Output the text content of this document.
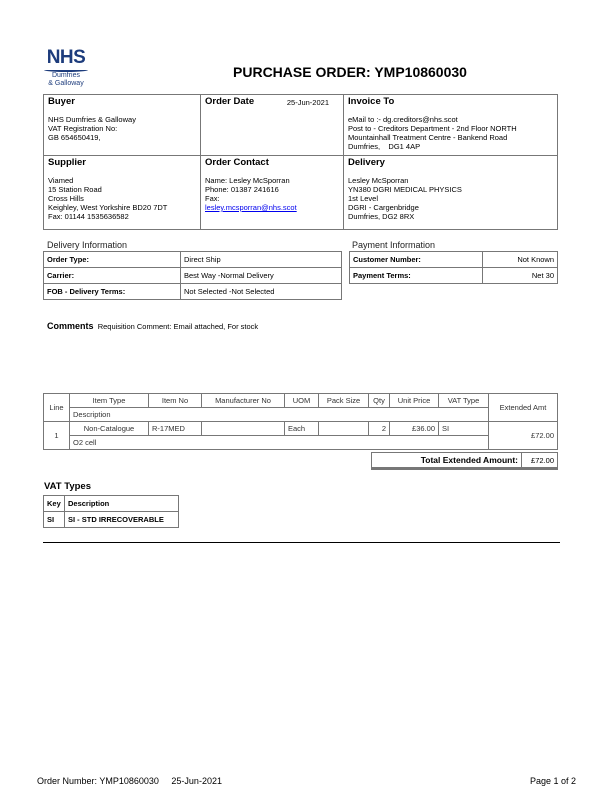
NHS
Dumfries
& Galloway
PURCHASE ORDER: YMP10860030
Buyer
NHS Dumfries & Galloway
VAT Registration No:
GB 654650419,
Order Date	25-Jun-2021 Invoice To
eMail to :- dg.creditors@nhs.scot
Post to - Creditors Department - 2nd Floor NORTH
Mountainhall Treatment Centre - Bankend Road
Dumfries,    DG1 4AP
Supplier
Viamed
15 Station Road
Cross Hills
Keighley, West Yorkshire BD20 7DT
Fax: 01144 1535636582
Order Contact
Name: Lesley McSporran
Phone: 01387 241616
Fax:
lesley.mcsporran@nhs.scot
Delivery
Lesley McSporran
YN380 DGRI MEDICAL PHYSICS
1st Level
DGRI - Cargenbridge
Dumfries, DG2 8RX
Delivery Information
Order Type:	Direct Ship
Carrier:	Best Way -Normal Delivery
FOB - Delivery Terms:	Not Selected -Not Selected
Payment Information
Customer Number:	Not Known
Payment Terms:	Net 30
Comments Requisition Comment: Email attached, For stock
Line	Item Type	Item No	Manufacturer No	UOM	Pack Size	Qty	Unit Price	VAT Type	Extended Amt
	Description								
1	Non-Catalogue	R-17MED		Each		2	£36.00	SI	£72.00
	O2 cell								
Total Extended Amount:	£72.00
VAT Types
Key	Description
SI	SI - STD IRRECOVERABLE
Order Number: YMP10860030 25-Jun-2021	Page 1 of 2
